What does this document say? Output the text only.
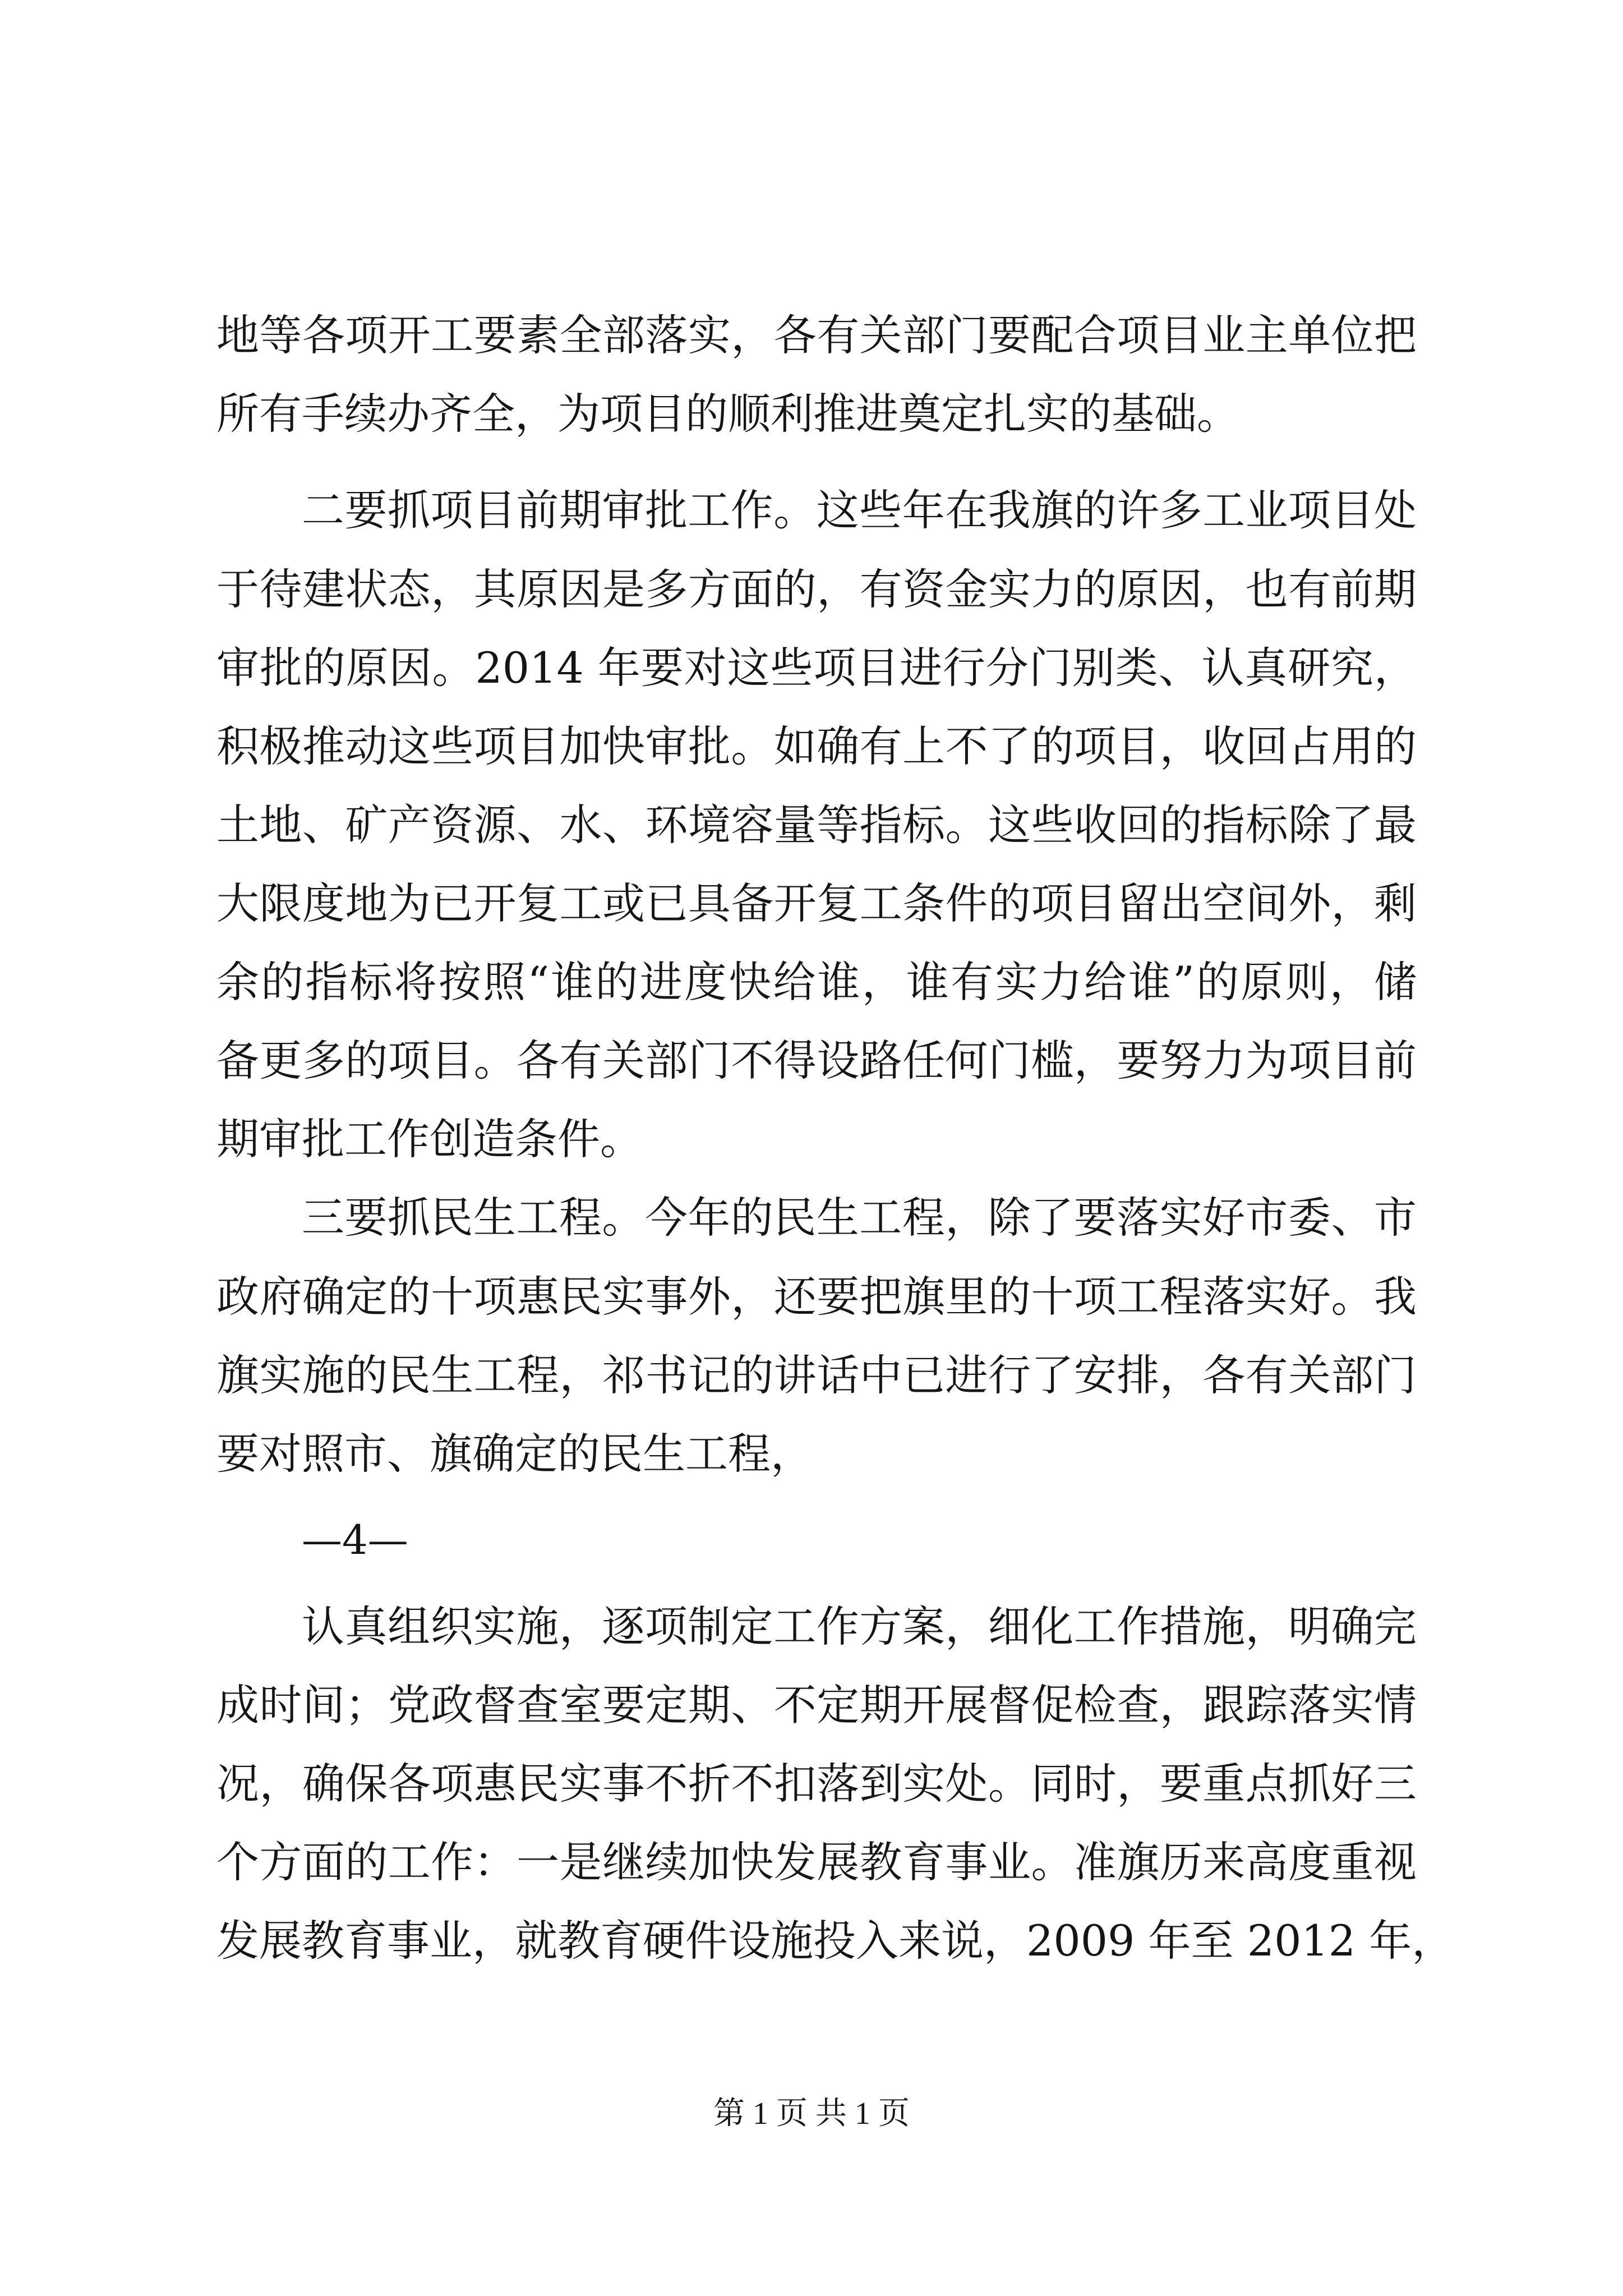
地等各项开工要素全部落实，各有关部门要配合项目业主单位把
所有手续办齐全，为项目的顺利推进奠定扎实的基础。
二要抓项目前期审批工作。这些年在我旗的许多工业项目处
于待建状态，其原因是多方面的，有资金实力的原因，也有前期
审批的原因。2014 年要对这些项目进行分门别类、认真研究，
积极推动这些项目加快审批。如确有上不了的项目，收回占用的
土地、矿产资源、水、环境容量等指标。这些收回的指标除了最
大限度地为已开复工或已具备开复工条件的项目留出空间外，剩
余的指标将按照“谁的进度快给谁，谁有实力给谁”的原则，储
备更多的项目。各有关部门不得设路任何门槛，要努力为项目前
期审批工作创造条件。
三要抓民生工程。今年的民生工程，除了要落实好市委、市
政府确定的十项惠民实事外，还要把旗里的十项工程落实好。我
旗实施的民生工程，祁书记的讲话中已进行了安排，各有关部门
要对照市、旗确定的民生工程，
—4—
认真组织实施，逐项制定工作方案，细化工作措施，明确完
成时间；党政督查室要定期、不定期开展督促检查，跟踪落实情
况，确保各项惠民实事不折不扣落到实处。同时，要重点抓好三
个方面的工作：一是继续加快发展教育事业。准旗历来高度重视
发展教育事业，就教育硬件设施投入来说，2009 年至 2012 年，
第 1 页 共 1 页
